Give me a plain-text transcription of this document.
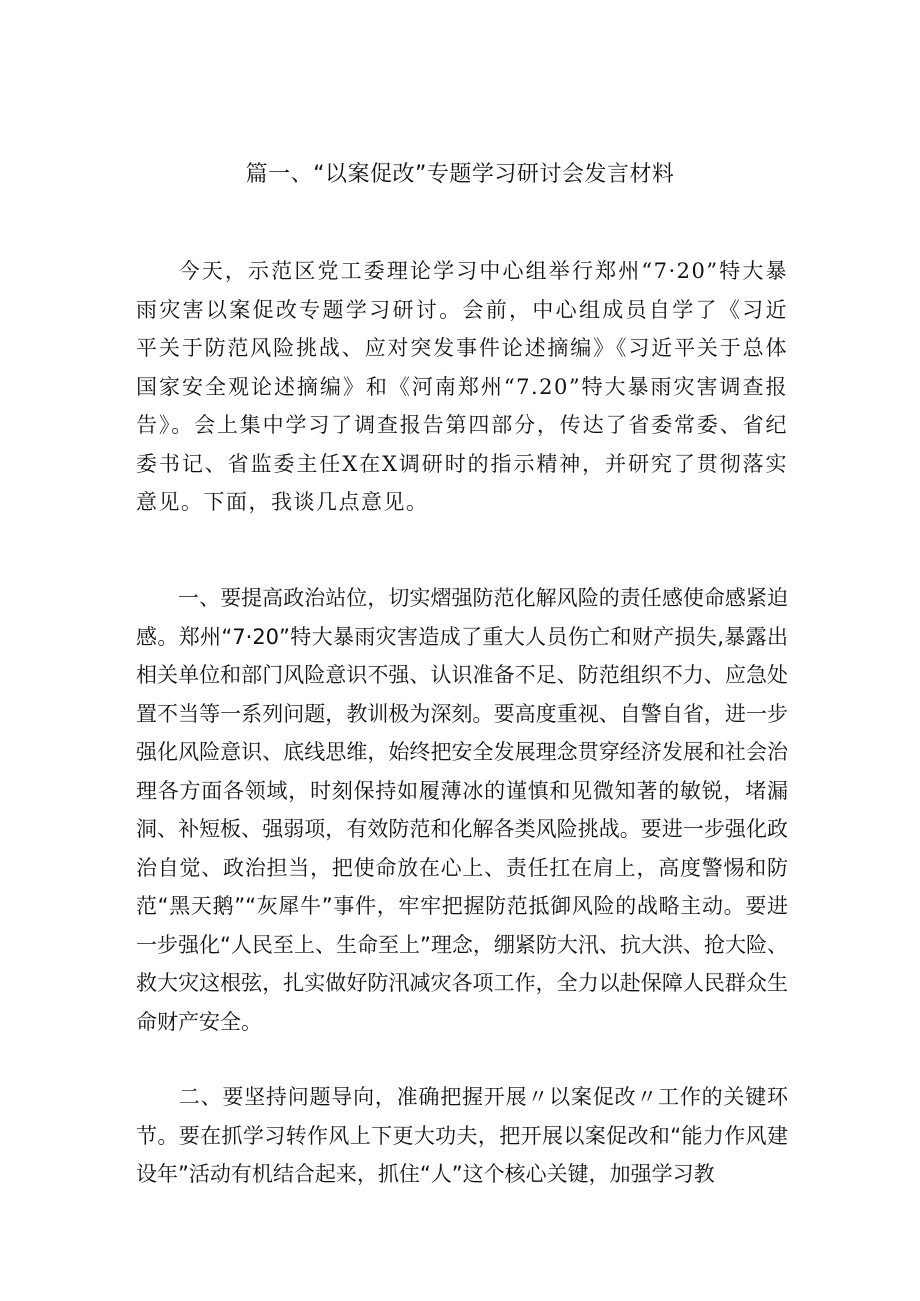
篇一、“以案促改”专题学习研讨会发言材料

今天，示范区党工委理论学习中心组举行郑州“7·20”特大暴雨灾害以案促改专题学习研讨。会前，中心组成员自学了《习近平关于防范风险挑战、应对突发事件论述摘编》《习近平关于总体国家安全观论述摘编》和《河南郑州“7.20”特大暴雨灾害调查报告》。会上集中学习了调查报告第四部分，传达了省委常委、省纪委书记、省监委主任X在X调研时的指示精神，并研究了贯彻落实意见。下面，我谈几点意见。

一、要提高政治站位，切实熠强防范化解风险的责任感使命感紧迫感。郑州“7·20”特大暴雨灾害造成了重大人员伤亡和财产损失,暴露出相关单位和部门风险意识不强、认识准备不足、防范组织不力、应急处置不当等一系列问题，教训极为深刻。要高度重视、自警自省，进一步强化风险意识、底线思维，始终把安全发展理念贯穿经济发展和社会治理各方面各领域，时刻保持如履薄冰的谨慎和见微知著的敏锐，堵漏洞、补短板、强弱项，有效防范和化解各类风险挑战。要进一步强化政治自觉、政治担当，把使命放在心上、责任扛在肩上，高度警惕和防范“黑天鹅”“灰犀牛”事件，牢牢把握防范抵御风险的战略主动。要进一步强化“人民至上、生命至上”理念，绷紧防大汛、抗大洪、抢大险、救大灾这根弦，扎实做好防汛减灾各项工作，全力以赴保障人民群众生命财产安全。

二、要坚持问题导向，准确把握开展〃以案促改〃工作的关键环节。要在抓学习转作风上下更大功夫，把开展以案促改和“能力作风建设年”活动有机结合起来，抓住“人”这个核心关键，加强学习教
